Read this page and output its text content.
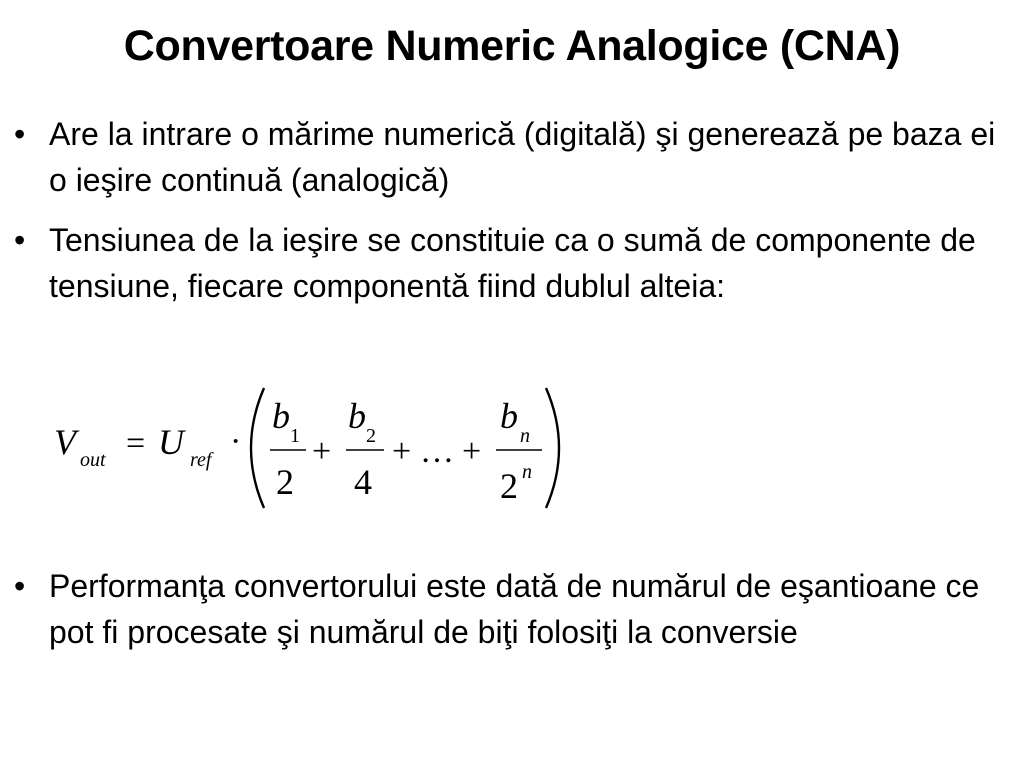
Convertoare Numeric Analogice (CNA)
• Are la intrare o mărime numerică (digitală) şi generează pe baza ei o ieşire continuă (analogică)
• Tensiunea de la ieşire se constituie ca o sumă de componente de tensiune, fiecare componentă fiind dublul alteia:
V out = U ref ·
b 1
2
+
b 2
4
+ … +
b n
2 n
• Performanţa convertorului este dată de numărul de eşantioane ce pot fi procesate şi numărul de biţi folosiţi la conversie
